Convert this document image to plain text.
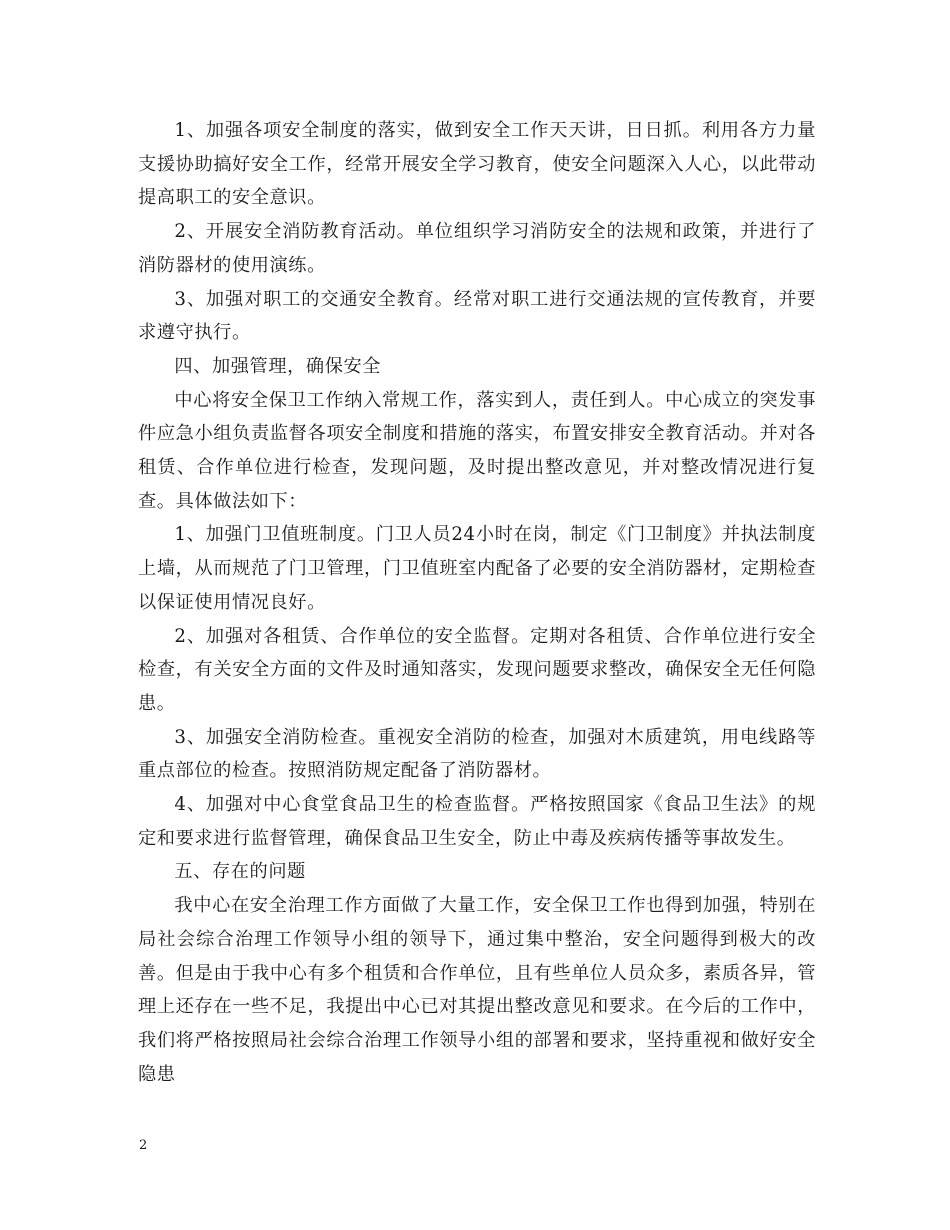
1、加强各项安全制度的落实，做到安全工作天天讲，日日抓。利用各方力量支援协助搞好安全工作，经常开展安全学习教育，使安全问题深入人心，以此带动提高职工的安全意识。

2、开展安全消防教育活动。单位组织学习消防安全的法规和政策，并进行了消防器材的使用演练。

3、加强对职工的交通安全教育。经常对职工进行交通法规的宣传教育，并要求遵守执行。

四、加强管理，确保安全

中心将安全保卫工作纳入常规工作，落实到人，责任到人。中心成立的突发事件应急小组负责监督各项安全制度和措施的落实，布置安排安全教育活动。并对各租赁、合作单位进行检查，发现问题，及时提出整改意见，并对整改情况进行复查。具体做法如下：

1、加强门卫值班制度。门卫人员24小时在岗，制定《门卫制度》并执法制度上墙，从而规范了门卫管理，门卫值班室内配备了必要的安全消防器材，定期检查以保证使用情况良好。

2、加强对各租赁、合作单位的安全监督。定期对各租赁、合作单位进行安全检查，有关安全方面的文件及时通知落实，发现问题要求整改，确保安全无任何隐患。

3、加强安全消防检查。重视安全消防的检查，加强对木质建筑，用电线路等重点部位的检查。按照消防规定配备了消防器材。

4、加强对中心食堂食品卫生的检查监督。严格按照国家《食品卫生法》的规定和要求进行监督管理，确保食品卫生安全，防止中毒及疾病传播等事故发生。

五、存在的问题

我中心在安全治理工作方面做了大量工作，安全保卫工作也得到加强，特别在局社会综合治理工作领导小组的领导下，通过集中整治，安全问题得到极大的改善。但是由于我中心有多个租赁和合作单位，且有些单位人员众多，素质各异，管理上还存在一些不足，我提出中心已对其提出整改意见和要求。在今后的工作中，我们将严格按照局社会综合治理工作领导小组的部署和要求，坚持重视和做好安全隐患

2
